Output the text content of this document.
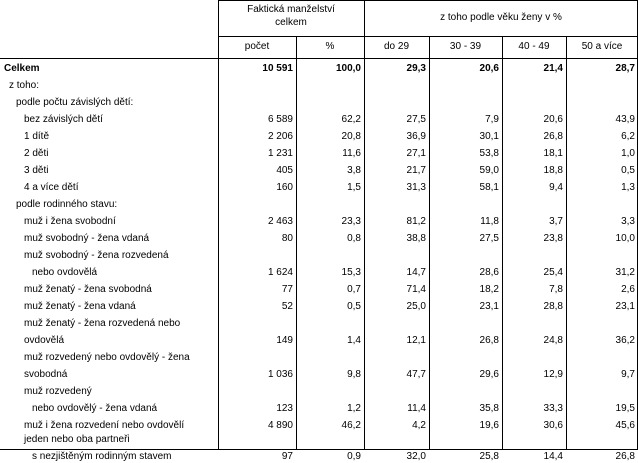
Faktická manželství celkem	z toho podle věku ženy v %
počet	%	do 29	30 - 39	40 - 49	50 a více
Celkem	10 591	100,0	29,3	20,6	21,4	28,7
z toho:
podle počtu závislých dětí:
bez závislých dětí	6 589	62,2	27,5	7,9	20,6	43,9
1 dítě	2 206	20,8	36,9	30,1	26,8	6,2
2 děti	1 231	11,6	27,1	53,8	18,1	1,0
3 děti	405	3,8	21,7	59,0	18,8	0,5
4 a více dětí	160	1,5	31,3	58,1	9,4	1,3
podle rodinného stavu:
muž i žena svobodní	2 463	23,3	81,2	11,8	3,7	3,3
muž svobodný - žena vdaná	80	0,8	38,8	27,5	23,8	10,0
muž svobodný - žena rozvedená
nebo ovdovělá	1 624	15,3	14,7	28,6	25,4	31,2
muž ženatý - žena svobodná	77	0,7	71,4	18,2	7,8	2,6
muž ženatý - žena vdaná	52	0,5	25,0	23,1	28,8	23,1
muž ženatý - žena rozvedená nebo
ovdovělá	149	1,4	12,1	26,8	24,8	36,2
muž rozvedený nebo ovdovělý - žena
svobodná	1 036	9,8	47,7	29,6	12,9	9,7
muž rozvedený
nebo ovdovělý - žena vdaná	123	1,2	11,4	35,8	33,3	19,5
muž i žena rozvedení nebo ovdovělí	4 890	46,2	4,2	19,6	30,6	45,6
jeden nebo oba partneři
s nezjištěným rodinným stavem	97	0,9	32,0	25,8	14,4	26,8
